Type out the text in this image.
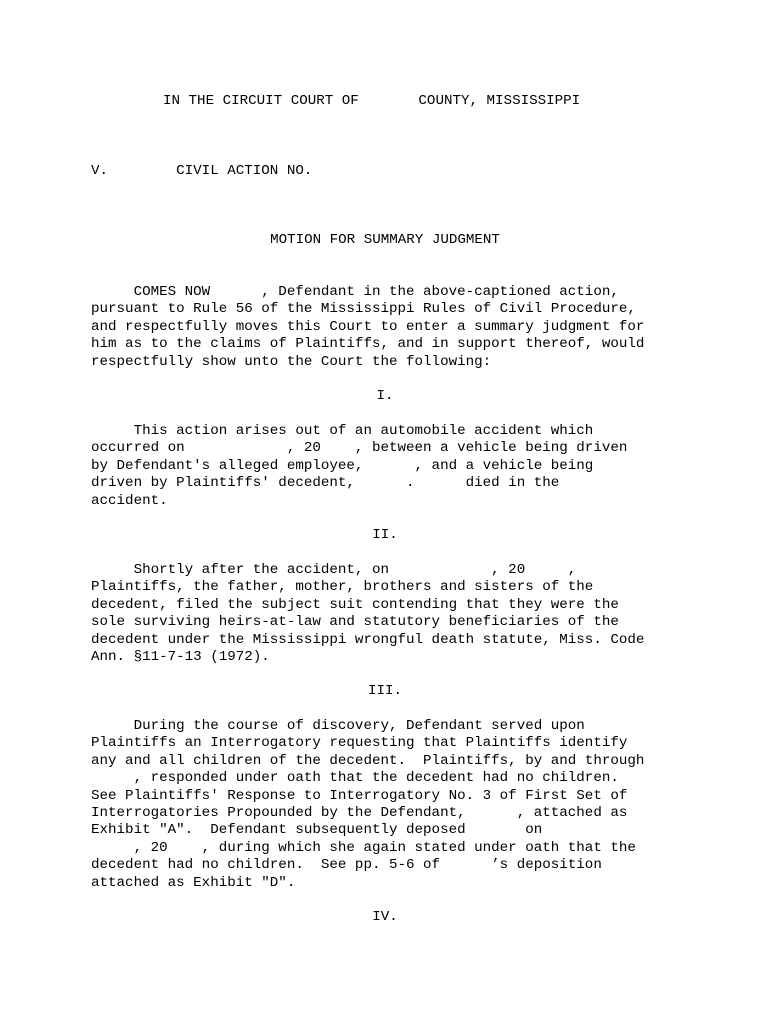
IN THE CIRCUIT COURT OF       COUNTY, MISSISSIPPI
V.        CIVIL ACTION NO.
MOTION FOR SUMMARY JUDGMENT
COMES NOW      , Defendant in the above-captioned action,
pursuant to Rule 56 of the Mississippi Rules of Civil Procedure,
and respectfully moves this Court to enter a summary judgment for
him as to the claims of Plaintiffs, and in support thereof, would
respectfully show unto the Court the following:
I.
This action arises out of an automobile accident which
occurred on            , 20    , between a vehicle being driven
by Defendant's alleged employee,      , and a vehicle being
driven by Plaintiffs' decedent,      .      died in the
accident.
II.
Shortly after the accident, on            , 20     ,
Plaintiffs, the father, mother, brothers and sisters of the
decedent, filed the subject suit contending that they were the
sole surviving heirs-at-law and statutory beneficiaries of the
decedent under the Mississippi wrongful death statute, Miss. Code
Ann. §11-7-13 (1972).
III.
During the course of discovery, Defendant served upon
Plaintiffs an Interrogatory requesting that Plaintiffs identify
any and all children of the decedent.  Plaintiffs, by and through
, responded under oath that the decedent had no children.
See Plaintiffs' Response to Interrogatory No. 3 of First Set of
Interrogatories Propounded by the Defendant,      , attached as
Exhibit "A".  Defendant subsequently deposed       on
, 20    , during which she again stated under oath that the
decedent had no children.  See pp. 5-6 of      ’s deposition
attached as Exhibit "D".
IV.
